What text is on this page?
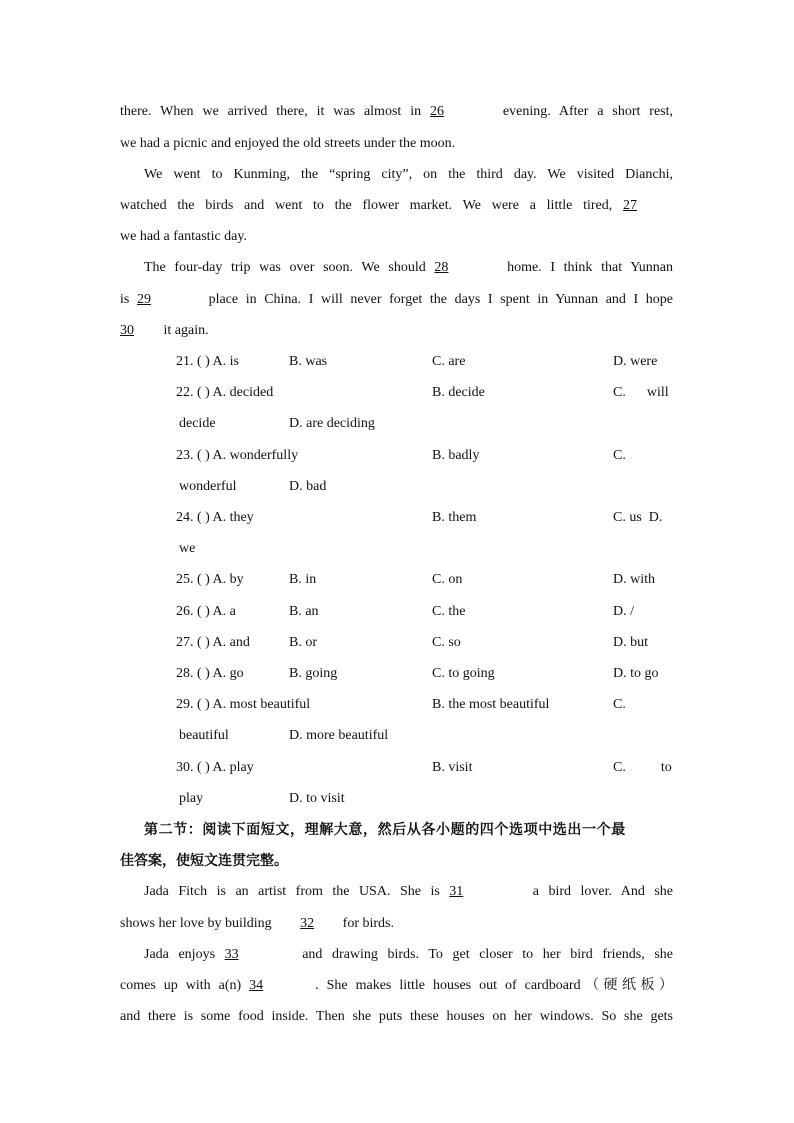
there. When we arrived there, it was almost in 26	evening. After a short rest,
we had a picnic and enjoyed the old streets under the moon.
We went to Kunming, the “spring city”, on the third day. We visited Dianchi,
watched the birds and went to the flower market. We were a little tired, 27
we had a fantastic day.
The four-day trip was over soon. We should 28	home. I think that Yunnan
is 29	place in China. I will never forget the days I spent in Yunnan and I hope
30 it again.
21. ( ) A. is	B. was	C. are	D. were
22. ( ) A. decided	B. decide	C.      will
decide	D. are deciding
23. ( ) A. wonderfully	B. badly	C.
wonderful	D. bad
24. ( ) A. they	B. them	C. us  D.
we
25. ( ) A. by	B. in	C. on	D. with
26. ( ) A. a	B. an	C. the	D. /
27. ( ) A. and	B. or	C. so	D. but
28. ( ) A. go	B. going	C. to going	D. to go
29. ( ) A. most beautiful	B. the most beautiful	C.
beautiful	D. more beautiful
30. ( ) A. play	B. visit	C.          to
play	D. to visit
第二节：阅读下面短文，理解大意，然后从各小题的四个选项中选出一个最
佳答案，使短文连贯完整。
Jada Fitch is an artist from the USA. She is 31	a bird lover. And she
shows her love by building 32 for birds.
Jada enjoys 33	and drawing birds. To get closer to her bird friends, she
comes up with a(n) 34	. She makes little houses out of cardboard（硬纸板）
and there is some food inside. Then she puts these houses on her windows. So she gets
